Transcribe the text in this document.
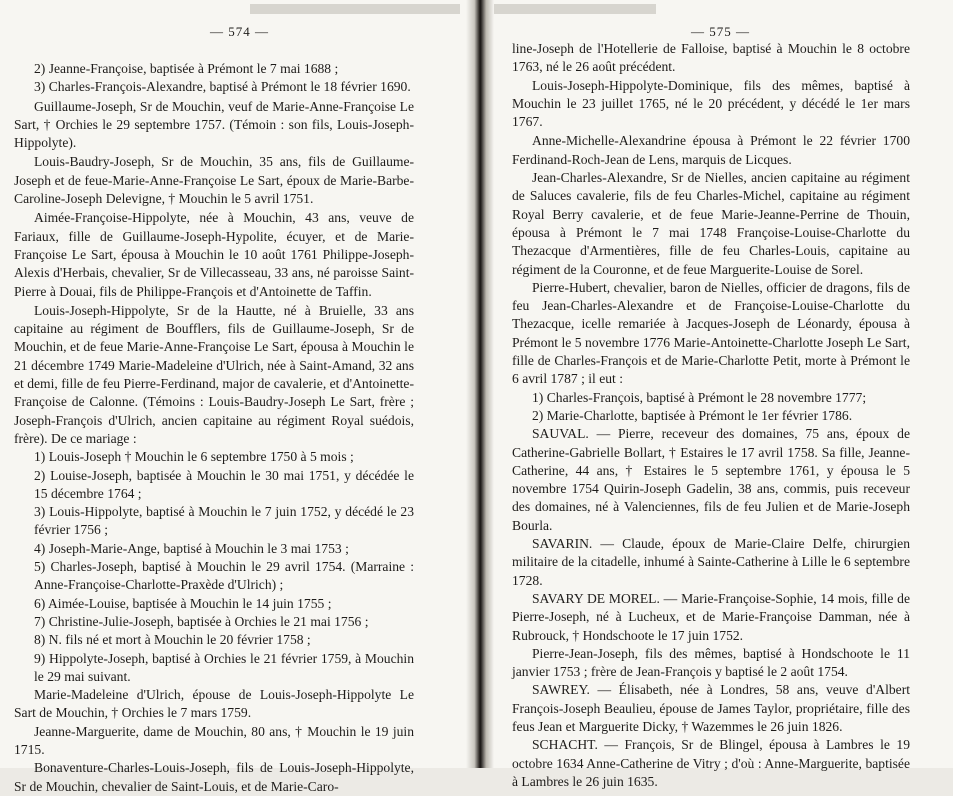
— 574 —

2) Jeanne-Françoise, baptisée à Prémont le 7 mai 1688 ;

3) Charles-François-Alexandre, baptisé à Prémont le 18 février 1690.

Guillaume-Joseph, Sr de Mouchin, veuf de Marie-Anne-Françoise Le Sart, † Orchies le 29 septembre 1757. (Témoin : son fils, Louis-Joseph-Hippolyte).

Louis-Baudry-Joseph, Sr de Mouchin, 35 ans, fils de Guillaume-Joseph et de feue-Marie-Anne-Françoise Le Sart, époux de Marie-Barbe-Caroline-Joseph Delevigne, † Mouchin le 5 avril 1751.

Aimée-Françoise-Hippolyte, née à Mouchin, 43 ans, veuve de Fariaux, fille de Guillaume-Joseph-Hypolite, écuyer, et de Marie-Françoise Le Sart, épousa à Mouchin le 10 août 1761 Philippe-Joseph-Alexis d'Herbais, chevalier, Sr de Villecasseau, 33 ans, né paroisse Saint-Pierre à Douai, fils de Philippe-François et d'Antoinette de Taffin.

Louis-Joseph-Hippolyte, Sr de la Hautte, né à Bruielle, 33 ans capitaine au régiment de Boufflers, fils de Guillaume-Joseph, Sr de Mouchin, et de feue Marie-Anne-Françoise Le Sart, épousa à Mouchin le 21 décembre 1749 Marie-Madeleine d'Ulrich, née à Saint-Amand, 32 ans et demi, fille de feu Pierre-Ferdinand, major de cavalerie, et d'Antoinette-Françoise de Calonne. (Témoins : Louis-Baudry-Joseph Le Sart, frère ; Joseph-François d'Ulrich, ancien capitaine au régiment Royal suédois, frère). De ce mariage :

1) Louis-Joseph † Mouchin le 6 septembre 1750 à 5 mois ;

2) Louise-Joseph, baptisée à Mouchin le 30 mai 1751, y décédée le 15 décembre 1764 ;

3) Louis-Hippolyte, baptisé à Mouchin le 7 juin 1752, y décédé le 23 février 1756 ;

4) Joseph-Marie-Ange, baptisé à Mouchin le 3 mai 1753 ;

5) Charles-Joseph, baptisé à Mouchin le 29 avril 1754. (Marraine : Anne-Françoise-Charlotte-Praxède d'Ulrich) ;

6) Aimée-Louise, baptisée à Mouchin le 14 juin 1755 ;

7) Christine-Julie-Joseph, baptisée à Orchies le 21 mai 1756 ;

8) N. fils né et mort à Mouchin le 20 février 1758 ;

9) Hippolyte-Joseph, baptisé à Orchies le 21 février 1759, à Mouchin le 29 mai suivant.

Marie-Madeleine d'Ulrich, épouse de Louis-Joseph-Hippolyte Le Sart de Mouchin, † Orchies le 7 mars 1759.

Jeanne-Marguerite, dame de Mouchin, 80 ans, † Mouchin le 19 juin 1715.

Bonaventure-Charles-Louis-Joseph, fils de Louis-Joseph-Hippolyte, Sr de Mouchin, chevalier de Saint-Louis, et de Marie-Caro-

— 575 —

line-Joseph de l'Hotellerie de Falloise, baptisé à Mouchin le 8 octobre 1763, né le 26 août précédent.

Louis-Joseph-Hippolyte-Dominique, fils des mêmes, baptisé à Mouchin le 23 juillet 1765, né le 20 précédent, y décédé le 1er mars 1767.

Anne-Michelle-Alexandrine épousa à Prémont le 22 février 1700 Ferdinand-Roch-Jean de Lens, marquis de Licques.

Jean-Charles-Alexandre, Sr de Nielles, ancien capitaine au régiment de Saluces cavalerie, fils de feu Charles-Michel, capitaine au régiment Royal Berry cavalerie, et de feue Marie-Jeanne-Perrine de Thouin, épousa à Prémont le 7 mai 1748 Françoise-Louise-Charlotte du Thezacque d'Armentières, fille de feu Charles-Louis, capitaine au régiment de la Couronne, et de feue Marguerite-Louise de Sorel.

Pierre-Hubert, chevalier, baron de Nielles, officier de dragons, fils de feu Jean-Charles-Alexandre et de Françoise-Louise-Charlotte du Thezacque, icelle remariée à Jacques-Joseph de Léonardy, épousa à Prémont le 5 novembre 1776 Marie-Antoinette-Charlotte Joseph Le Sart, fille de Charles-François et de Marie-Charlotte Petit, morte à Prémont le 6 avril 1787 ; il eut :

1) Charles-François, baptisé à Prémont le 28 novembre 1777;

2) Marie-Charlotte, baptisée à Prémont le 1er février 1786.

SAUVAL. — Pierre, receveur des domaines, 75 ans, époux de Catherine-Gabrielle Bollart, † Estaires le 17 avril 1758. Sa fille, Jeanne-Catherine, 44 ans, † Estaires le 5 septembre 1761, y épousa le 5 novembre 1754 Quirin-Joseph Gadelin, 38 ans, commis, puis receveur des domaines, né à Valenciennes, fils de feu Julien et de Marie-Joseph Bourla.

SAVARIN. — Claude, époux de Marie-Claire Delfe, chirurgien militaire de la citadelle, inhumé à Sainte-Catherine à Lille le 6 septembre 1728.

SAVARY DE MOREL. — Marie-Françoise-Sophie, 14 mois, fille de Pierre-Joseph, né à Lucheux, et de Marie-Françoise Damman, née à Rubrouck, † Hondschoote le 17 juin 1752.

Pierre-Jean-Joseph, fils des mêmes, baptisé à Hondschoote le 11 janvier 1753 ; frère de Jean-François y baptisé le 2 août 1754.

SAWREY. — Élisabeth, née à Londres, 58 ans, veuve d'Albert François-Joseph Beaulieu, épouse de James Taylor, propriétaire, fille des feus Jean et Marguerite Dicky, † Wazemmes le 26 juin 1826.

SCHACHT. — François, Sr de Blingel, épousa à Lambres le 19 octobre 1634 Anne-Catherine de Vitry ; d'où : Anne-Marguerite, baptisée à Lambres le 26 juin 1635.
